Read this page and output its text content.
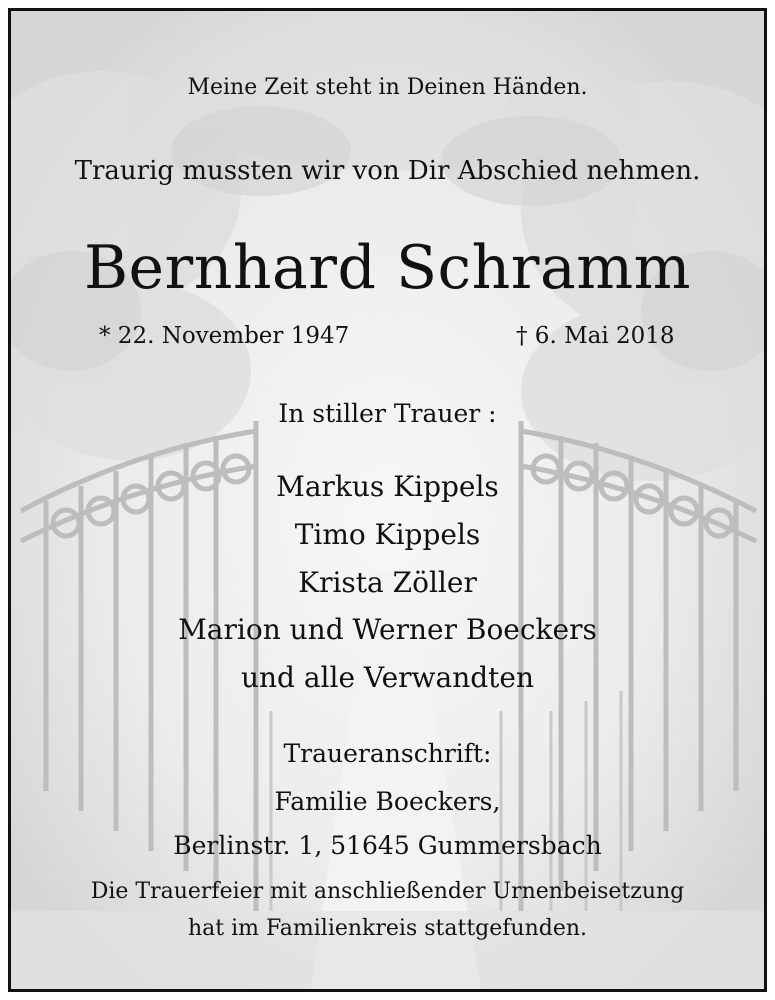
Meine Zeit steht in Deinen Händen.
Traurig mussten wir von Dir Abschied nehmen.
Bernhard Schramm
* 22. November 1947	† 6. Mai 2018
In stiller Trauer :
Markus Kippels
Timo Kippels
Krista Zöller
Marion und Werner Boeckers
und alle Verwandten
Traueranschrift:
Familie Boeckers,
Berlinstr. 1, 51645 Gummersbach
Die Trauerfeier mit anschließender Urnenbeisetzung
hat im Familienkreis stattgefunden.
